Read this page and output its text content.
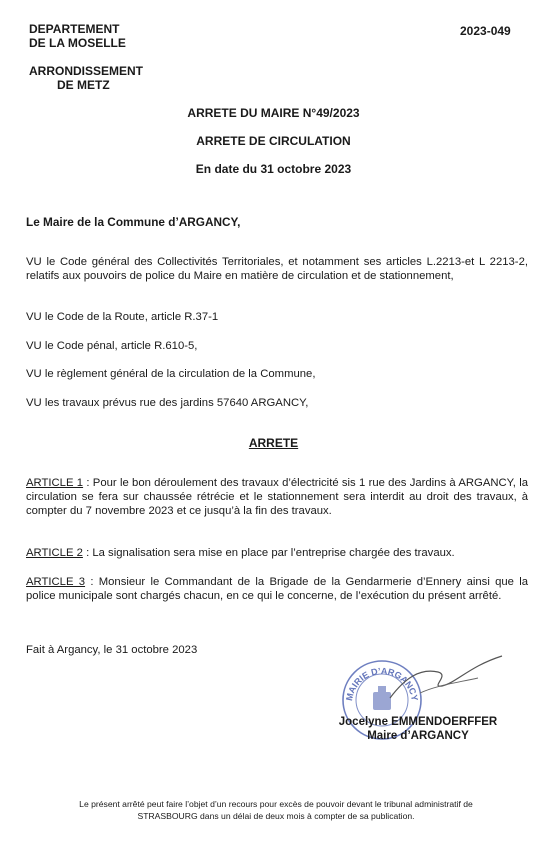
DEPARTEMENT
DE LA MOSELLE
ARRONDISSEMENT
DE METZ
2023-049
ARRETE DU MAIRE N°49/2023
ARRETE DE CIRCULATION
En date du 31 octobre 2023
Le Maire de la Commune d’ARGANCY,
VU le Code général des Collectivités Territoriales, et notamment ses articles L.2213-et L 2213-2, relatifs aux pouvoirs de police du Maire en matière de circulation et de stationnement,
VU le Code de la Route, article R.37-1
VU le Code pénal, article R.610-5,
VU le règlement général de la circulation de la Commune,
VU les travaux prévus rue des jardins 57640 ARGANCY,
ARRETE
ARTICLE 1 : Pour le bon déroulement des travaux d’électricité sis 1 rue des Jardins à ARGANCY, la circulation se fera sur chaussée rétrécie et le stationnement sera interdit au droit des travaux, à compter du 7 novembre 2023 et ce jusqu’à la fin des travaux.
ARTICLE 2 : La signalisation sera mise en place par l’entreprise chargée des travaux.
ARTICLE 3 : Monsieur le Commandant de la Brigade de la Gendarmerie d’Ennery ainsi que la police municipale sont chargés chacun, en ce qui le concerne, de l’exécution du présent arrêté.
Fait à Argancy, le 31 octobre 2023
MAIRIE D’ARGANCY
Jocelyne EMMENDOERFFER
Maire d’ARGANCY
Le présent arrêté peut faire l’objet d’un recours pour excès de pouvoir devant le tribunal administratif de
STRASBOURG dans un délai de deux mois à compter de sa publication.
